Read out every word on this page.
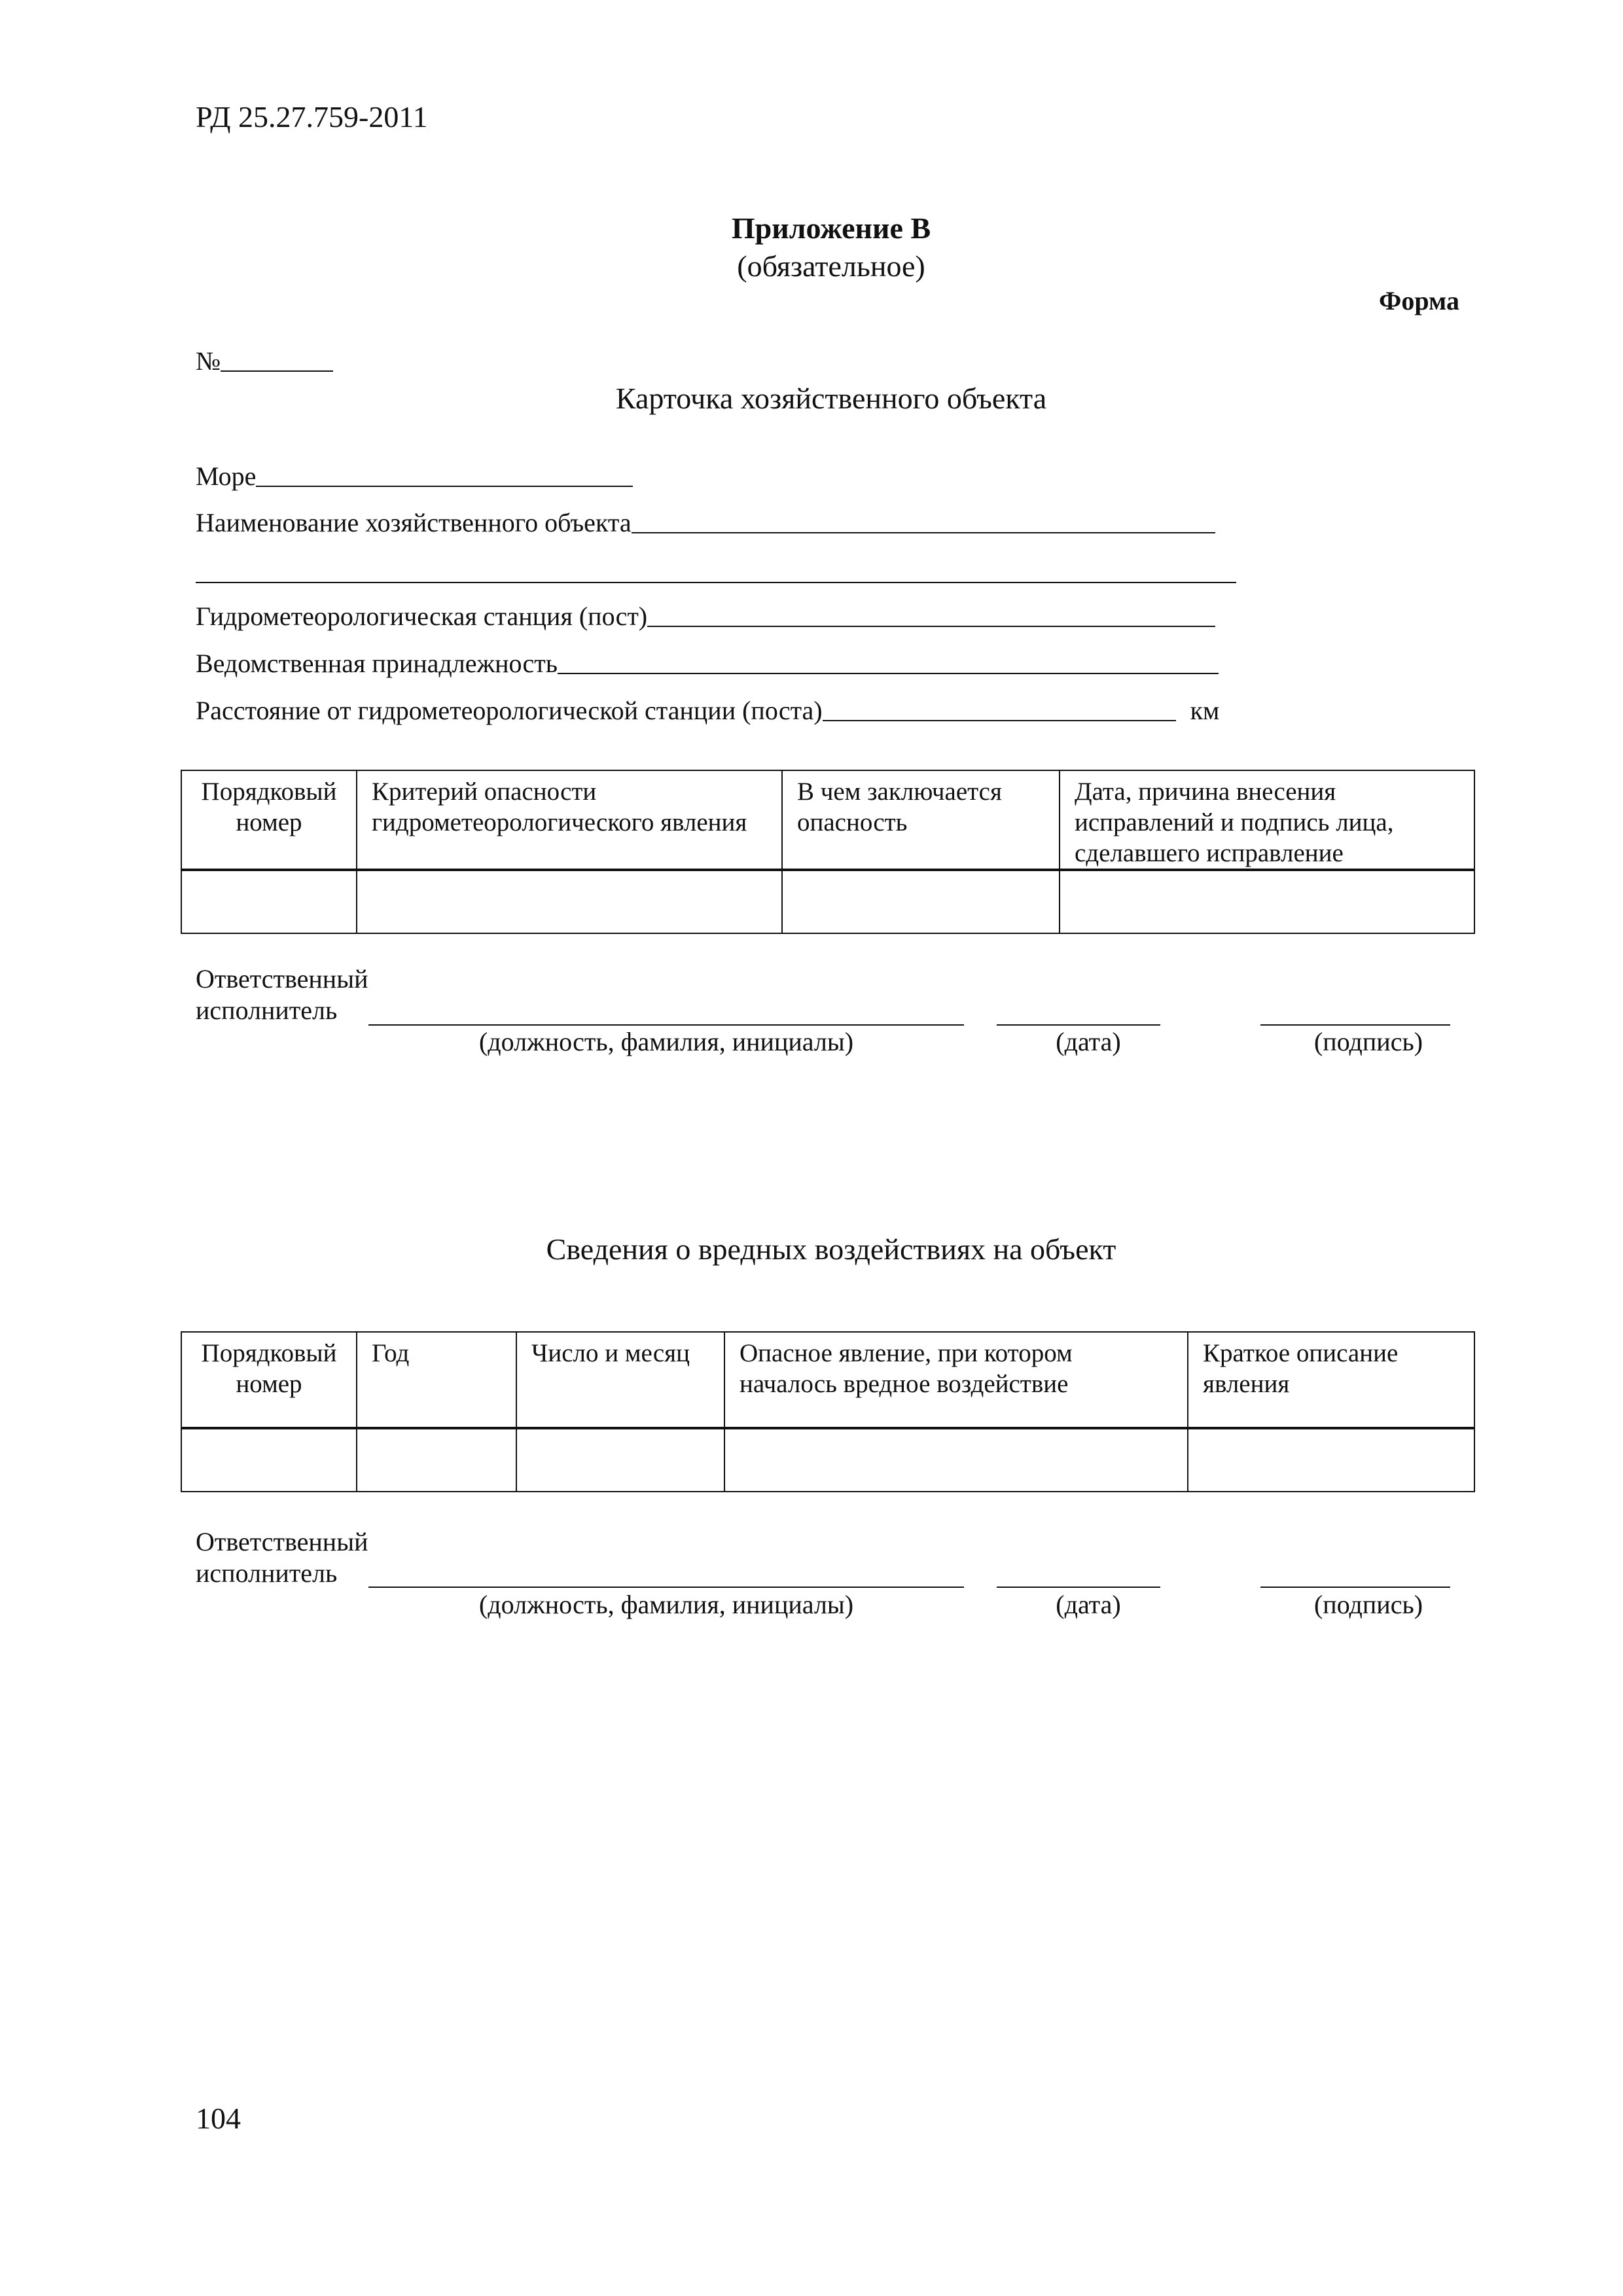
РД 25.27.759-2011
Приложение В
(обязательное)
Форма
№
Карточка хозяйственного объекта
Море
Наименование хозяйственного объекта
Гидрометеорологическая станция (пост)
Ведомственная принадлежность
Расстояние от гидрометеорологической станции (поста)	км
Порядковый номер	Критерий опасности гидрометеорологического явления	В чем заключается опасность	Дата, причина внесения исправлений и подпись лица, сделавшего исправление

Ответственный
исполнитель
(должность, фамилия, инициалы)	(дата)	(подпись)
Сведения о вредных воздействиях на объект
Порядковый номер	Год	Число и месяц	Опасное явление, при котором началось вредное воздействие	Краткое описание явления

Ответственный
исполнитель
(должность, фамилия, инициалы)	(дата)	(подпись)
104
